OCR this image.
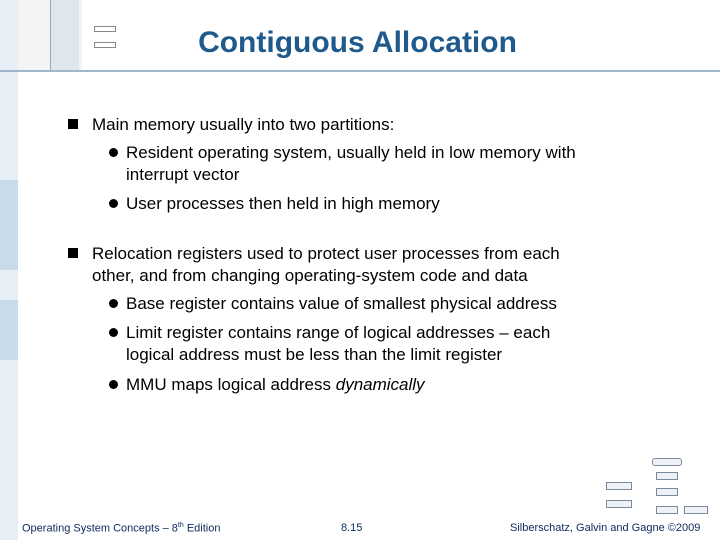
Contiguous Allocation
Main memory usually into two partitions:
Resident operating system, usually held in low memory with
interrupt vector
User processes then held in high memory
Relocation registers used to protect user processes from each
other, and from changing operating-system code and data
Base register contains value of smallest physical address
Limit register contains range of logical addresses – each
logical address must be less than the limit register
MMU maps logical address dynamically
Operating System Concepts – 8th Edition	8.15	Silberschatz, Galvin and Gagne ©2009
